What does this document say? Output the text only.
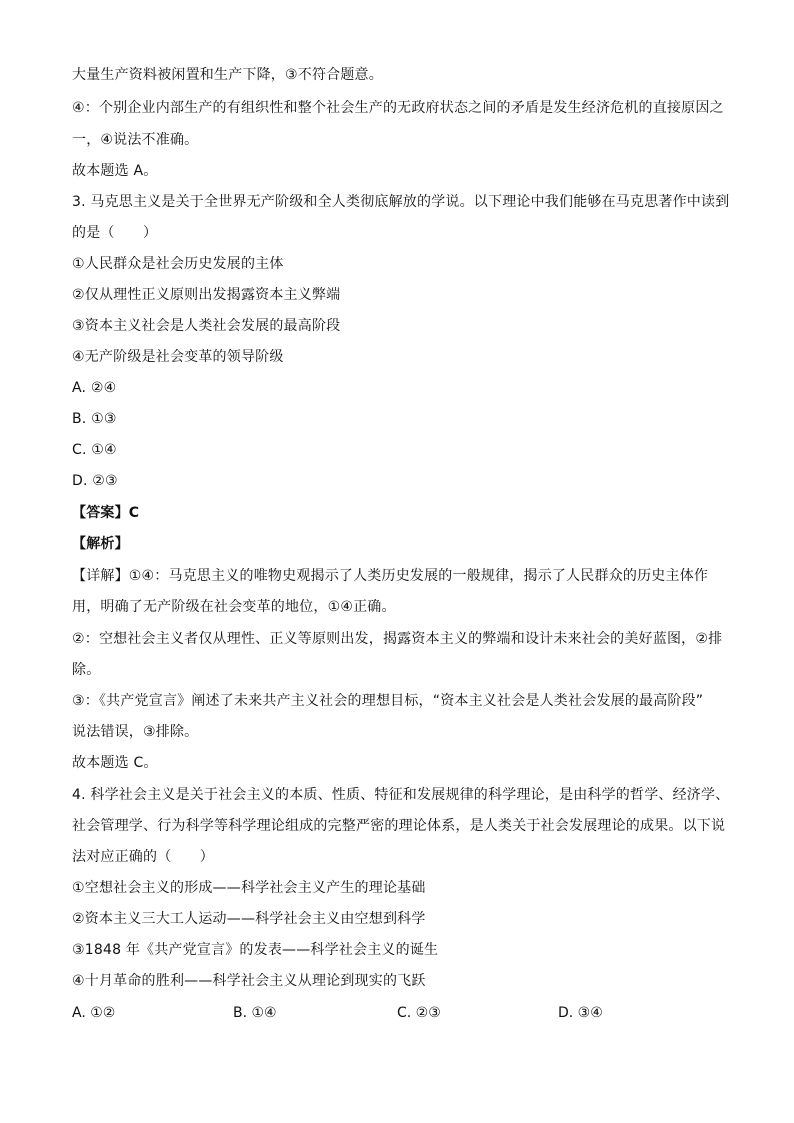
大量生产资料被闲置和生产下降，③不符合题意。
④：个别企业内部生产的有组织性和整个社会生产的无政府状态之间的矛盾是发生经济危机的直接原因之
一，④说法不准确。
故本题选 A。
3. 马克思主义是关于全世界无产阶级和全人类彻底解放的学说。以下理论中我们能够在马克思著作中读到
的是（　　）
①人民群众是社会历史发展的主体
②仅从理性正义原则出发揭露资本主义弊端
③资本主义社会是人类社会发展的最高阶段
④无产阶级是社会变革的领导阶级
A. ②④
B. ①③
C. ①④
D. ②③
【答案】C
【解析】
【详解】①④：马克思主义的唯物史观揭示了人类历史发展的一般规律，揭示了人民群众的历史主体作
用，明确了无产阶级在社会变革的地位，①④正确。
②：空想社会主义者仅从理性、正义等原则出发，揭露资本主义的弊端和设计未来社会的美好蓝图，②排
除。
③：《共产党宣言》阐述了未来共产主义社会的理想目标，“资本主义社会是人类社会发展的最高阶段”
说法错误，③排除。
故本题选 C。
4. 科学社会主义是关于社会主义的本质、性质、特征和发展规律的科学理论，是由科学的哲学、经济学、
社会管理学、行为科学等科学理论组成的完整严密的理论体系，是人类关于社会发展理论的成果。以下说
法对应正确的（　　）
①空想社会主义的形成——科学社会主义产生的理论基础
②资本主义三大工人运动——科学社会主义由空想到科学
③1848 年《共产党宣言》的发表——科学社会主义的诞生
④十月革命的胜利——科学社会主义从理论到现实的飞跃
A. ①②	B. ①④	C. ②③	D. ③④
